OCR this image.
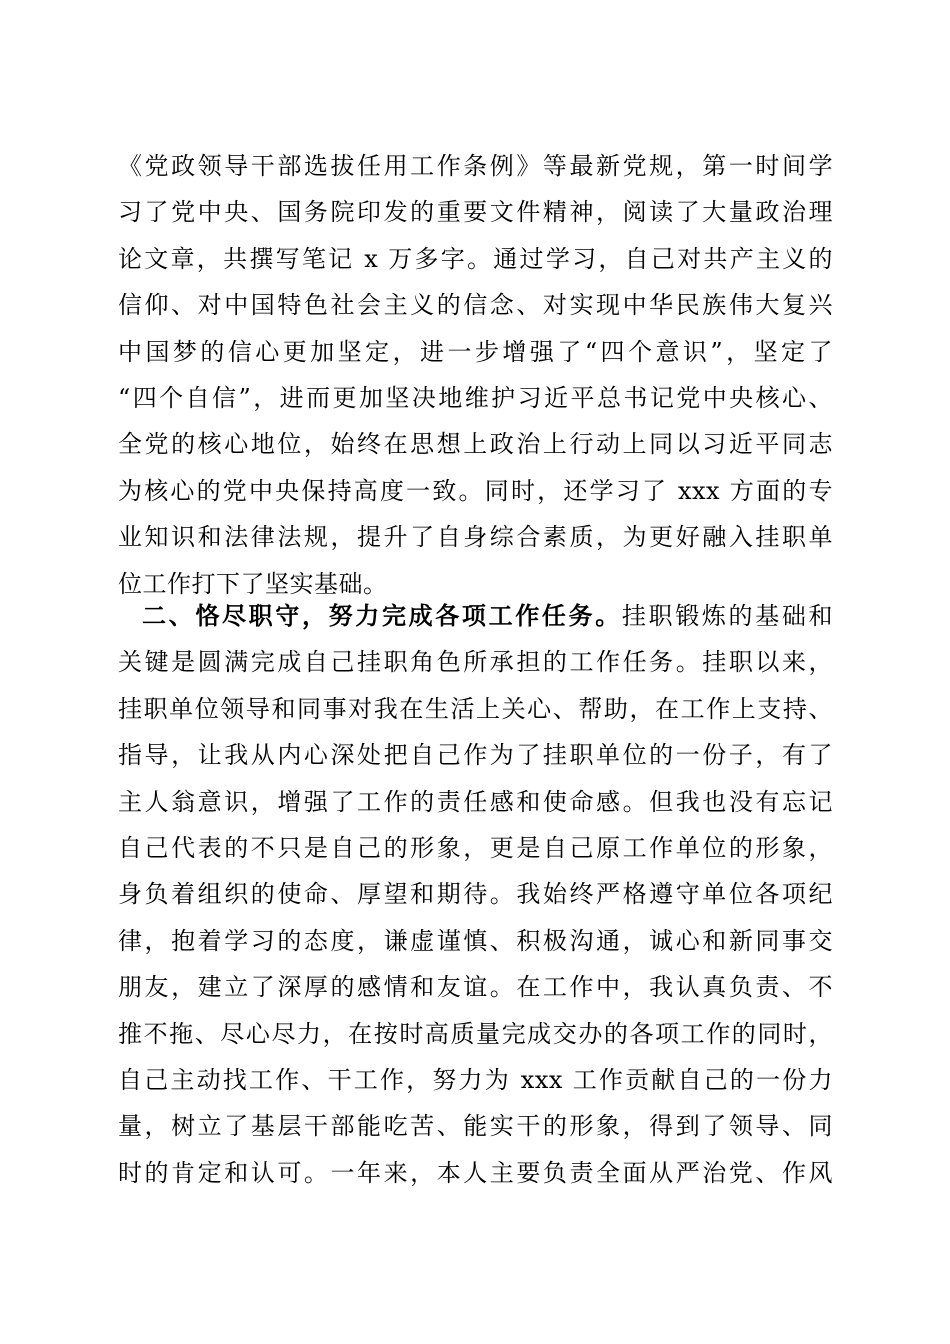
《党政领导干部选拔任用工作条例》等最新党规，第一时间学
习了党中央、国务院印发的重要文件精神，阅读了大量政治理
论文章，共撰写笔记 x 万多字。通过学习，自己对共产主义的
信仰、对中国特色社会主义的信念、对实现中华民族伟大复兴
中国梦的信心更加坚定，进一步增强了“四个意识”，坚定了
“四个自信”，进而更加坚决地维护习近平总书记党中央核心、
全党的核心地位，始终在思想上政治上行动上同以习近平同志
为核心的党中央保持高度一致。同时，还学习了 xxx 方面的专
业知识和法律法规，提升了自身综合素质，为更好融入挂职单
位工作打下了坚实基础。
二、恪尽职守，努力完成各项工作任务。挂职锻炼的基础和
关键是圆满完成自己挂职角色所承担的工作任务。挂职以来，
挂职单位领导和同事对我在生活上关心、帮助，在工作上支持、
指导，让我从内心深处把自己作为了挂职单位的一份子，有了
主人翁意识，增强了工作的责任感和使命感。但我也没有忘记
自己代表的不只是自己的形象，更是自己原工作单位的形象，
身负着组织的使命、厚望和期待。我始终严格遵守单位各项纪
律，抱着学习的态度，谦虚谨慎、积极沟通，诚心和新同事交
朋友，建立了深厚的感情和友谊。在工作中，我认真负责、不
推不拖、尽心尽力，在按时高质量完成交办的各项工作的同时，
自己主动找工作、干工作，努力为 xxx 工作贡献自己的一份力
量，树立了基层干部能吃苦、能实干的形象，得到了领导、同
时的肯定和认可。一年来，本人主要负责全面从严治党、作风
